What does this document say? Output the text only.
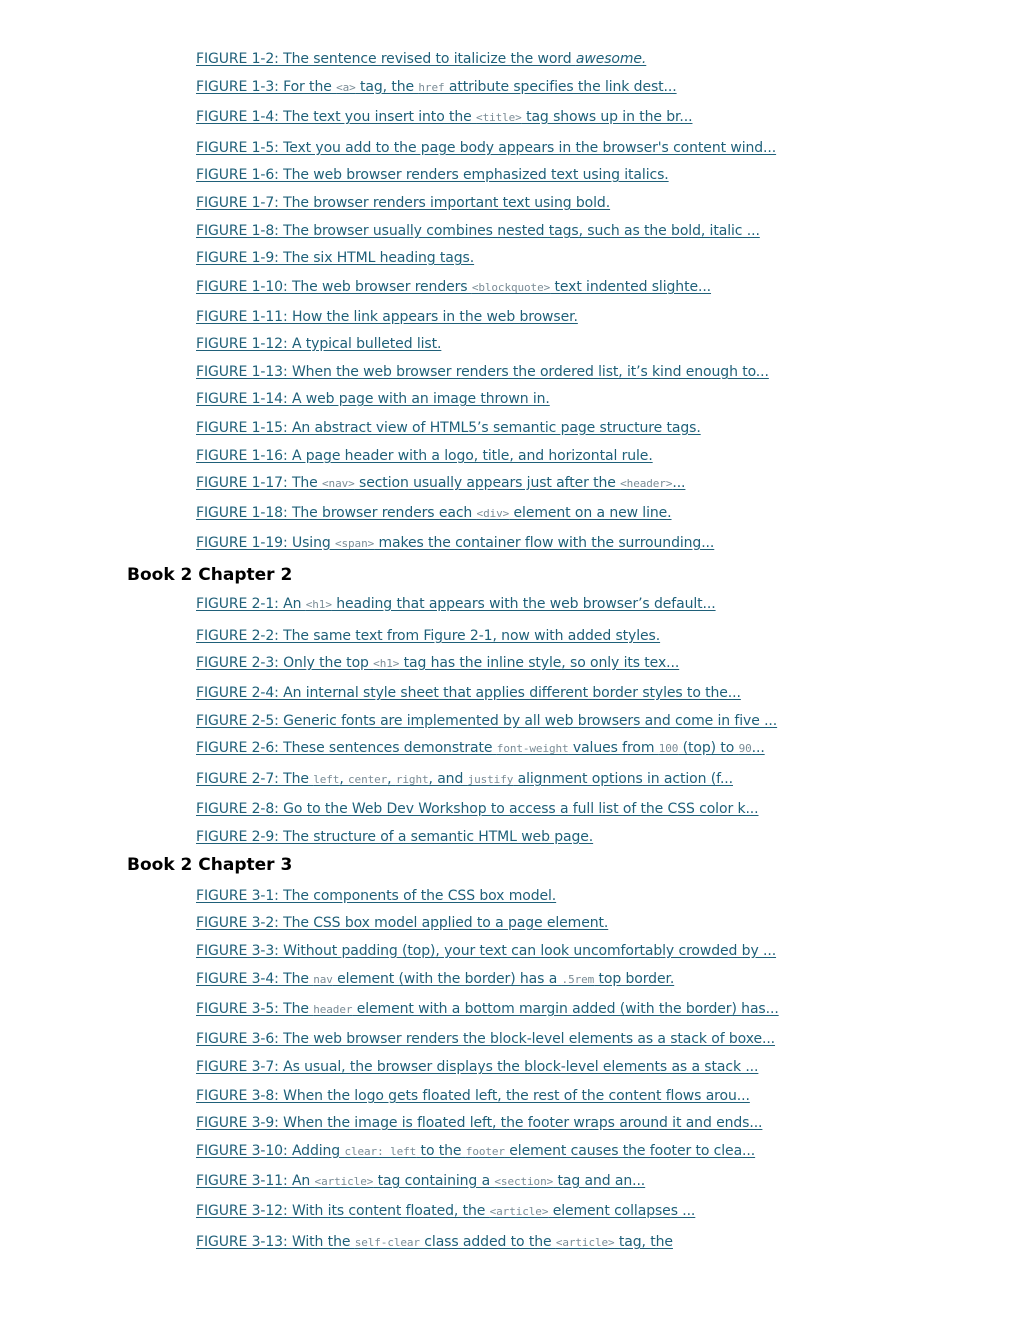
FIGURE 1-2: The sentence revised to italicize the word awesome.
FIGURE 1-3: For the <a> tag, the href attribute specifies the link dest...
FIGURE 1-4: The text you insert into the <title> tag shows up in the br...
FIGURE 1-5: Text you add to the page body appears in the browser's content wind...
FIGURE 1-6: The web browser renders emphasized text using italics.
FIGURE 1-7: The browser renders important text using bold.
FIGURE 1-8: The browser usually combines nested tags, such as the bold, italic ...
FIGURE 1-9: The six HTML heading tags.
FIGURE 1-10: The web browser renders <blockquote> text indented slighte...
FIGURE 1-11: How the link appears in the web browser.
FIGURE 1-12: A typical bulleted list.
FIGURE 1-13: When the web browser renders the ordered list, it’s kind enough to...
FIGURE 1-14: A web page with an image thrown in.
FIGURE 1-15: An abstract view of HTML5’s semantic page structure tags.
FIGURE 1-16: A page header with a logo, title, and horizontal rule.
FIGURE 1-17: The <nav> section usually appears just after the <header>...
FIGURE 1-18: The browser renders each <div> element on a new line.
FIGURE 1-19: Using <span> makes the container flow with the surrounding...
Book 2 Chapter 2
FIGURE 2-1: An <h1> heading that appears with the web browser’s default...
FIGURE 2-2: The same text from Figure 2-1, now with added styles.
FIGURE 2-3: Only the top <h1> tag has the inline style, so only its tex...
FIGURE 2-4: An internal style sheet that applies different border styles to the...
FIGURE 2-5: Generic fonts are implemented by all web browsers and come in five ...
FIGURE 2-6: These sentences demonstrate font-weight values from 100 (top) to 90...
FIGURE 2-7: The left, center, right, and justify alignment options in action (f...
FIGURE 2-8: Go to the Web Dev Workshop to access a full list of the CSS color k...
FIGURE 2-9: The structure of a semantic HTML web page.
Book 2 Chapter 3
FIGURE 3-1: The components of the CSS box model.
FIGURE 3-2: The CSS box model applied to a page element.
FIGURE 3-3: Without padding (top), your text can look uncomfortably crowded by ...
FIGURE 3-4: The nav element (with the border) has a .5rem top border.
FIGURE 3-5: The header element with a bottom margin added (with the border) has...
FIGURE 3-6: The web browser renders the block-level elements as a stack of boxe...
FIGURE 3-7: As usual, the browser displays the block-level elements as a stack ...
FIGURE 3-8: When the logo gets floated left, the rest of the content flows arou...
FIGURE 3-9: When the image is floated left, the footer wraps around it and ends...
FIGURE 3-10: Adding clear: left to the footer element causes the footer to clea...
FIGURE 3-11: An <article> tag containing a <section> tag and an...
FIGURE 3-12: With its content floated, the <article> element collapses ...
FIGURE 3-13: With the self-clear class added to the <article> tag, the
